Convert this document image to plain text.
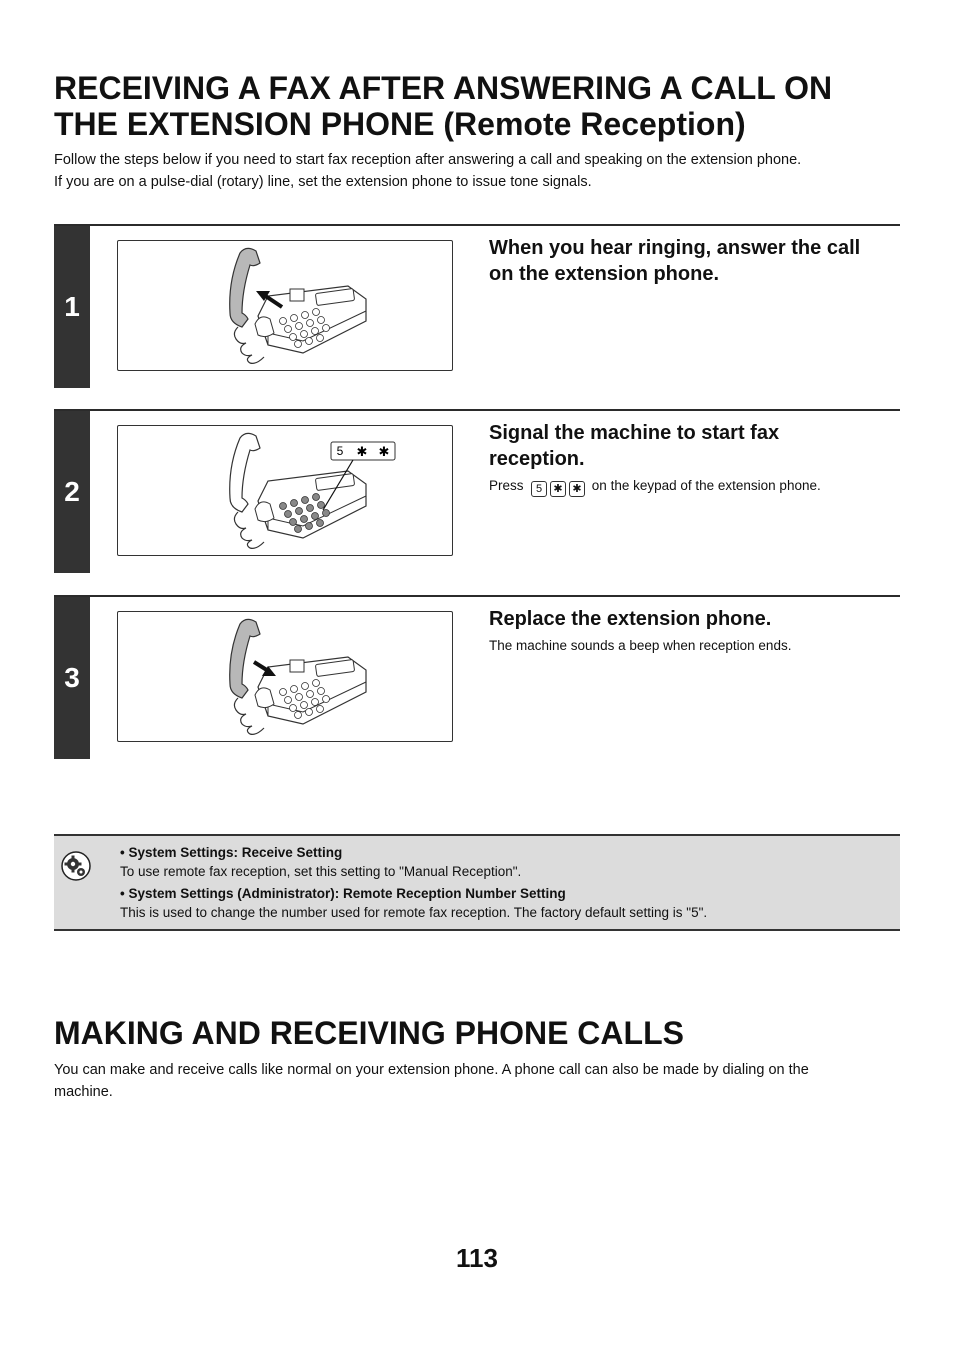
RECEIVING A FAX AFTER ANSWERING A CALL ON
THE EXTENSION PHONE (Remote Reception)
Follow the steps below if you need to start fax reception after answering a call and speaking on the extension phone.
If you are on a pulse-dial (rotary) line, set the extension phone to issue tone signals.
1
When you hear ringing, answer the call
on the extension phone.
2
5 ✱ ✱
Signal the machine to start fax
reception.
Press 5 ✱ ✱ on the keypad of the extension phone.
3
Replace the extension phone.
The machine sounds a beep when reception ends.
• System Settings: Receive Setting
To use remote fax reception, set this setting to "Manual Reception".
• System Settings (Administrator): Remote Reception Number Setting
This is used to change the number used for remote fax reception. The factory default setting is "5".
MAKING AND RECEIVING PHONE CALLS
You can make and receive calls like normal on your extension phone. A phone call can also be made by dialing on the
machine.
113
